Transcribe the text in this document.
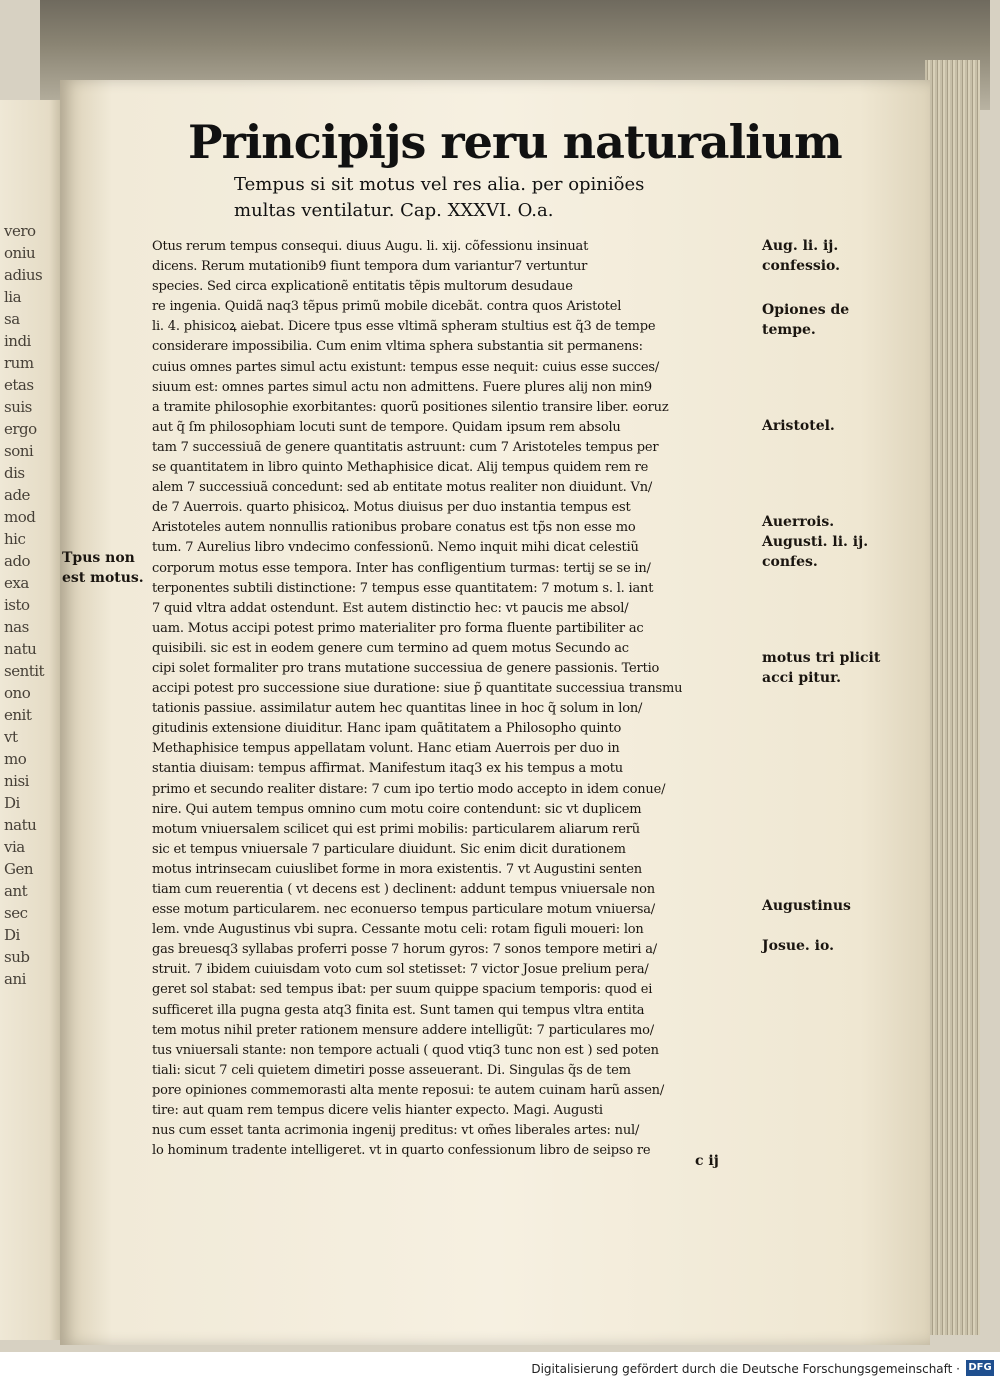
vero
oniu
adius
lia
sa
indi
rum
etas
suis
ergo
soni
dis
ade
mod
hic
ado
exa
isto
nas
natu
sentit
ono
enit
vt
mo
nisi
Di
natu
via
Gen
ant
sec
Di
sub
ani
Principijs reru naturalium
Tempus si sit motus vel res alia. per opiniões multas ventilatur. Cap. XXXVI. O.a.
Otus rerum tempus consequi. diuus Augu. li. xij. cõfessionu insinuat
dicens. Rerum mutationib9 fiunt tempora dum variantur7 vertuntur
species. Sed circa explicationẽ entitatis tẽpis multorum desudaue
re ingenia. Quidã naq3 tẽpus primũ mobile dicebãt. contra quos Aristotel
li. 4. phisicoꝝ aiebat. Dicere tpus esse vltimã spheram stultius est q̃3 de tempe
considerare impossibilia. Cum enim vltima sphera substantia sit permanens:
cuius omnes partes simul actu existunt: tempus esse nequit: cuius esse succes/
siuum est: omnes partes simul actu non admittens. Fuere plures alij non min9
a tramite philosophie exorbitantes: quorũ positiones silentio transire liber. eoruz
aut q̃ ſm philosophiam locuti sunt de tempore. Quidam ipsum rem absolu
tam 7 successiuã de genere quantitatis astruunt: cum 7 Aristoteles tempus per
se quantitatem in libro quinto Methaphisice dicat. Alij tempus quidem rem re
alem 7 successiuã concedunt: sed ab entitate motus realiter non diuidunt. Vn/
de 7 Auerrois. quarto phisicoꝝ. Motus diuisus per duo instantia tempus est
Aristoteles autem nonnullis rationibus probare conatus est tp̃s non esse mo
tum. 7 Aurelius libro vndecimo confessionũ. Nemo inquit mihi dicat celestiũ
corporum motus esse tempora. Inter has confligentium turmas: tertij se se in/
terponentes subtili distinctione: 7 tempus esse quantitatem: 7 motum s. l. iant
7 quid vltra addat ostendunt. Est autem distinctio hec: vt paucis me absol/
uam. Motus accipi potest primo materialiter pro forma fluente partibiliter ac
quisibili. sic est in eodem genere cum termino ad quem motus Secundo ac
cipi solet formaliter pro trans mutatione successiua de genere passionis. Tertio
accipi potest pro successione siue duratione: siue p̃ quantitate successiua transmu
tationis passiue. assimilatur autem hec quantitas linee in hoc q̃ solum in lon/
gitudinis extensione diuiditur. Hanc ipam quãtitatem a Philosopho quinto
Methaphisice tempus appellatam volunt. Hanc etiam Auerrois per duo in
stantia diuisam: tempus affirmat. Manifestum itaq3 ex his tempus a motu
primo et secundo realiter distare: 7 cum ipo tertio modo accepto in idem conue/
nire. Qui autem tempus omnino cum motu coire contendunt: sic vt duplicem
motum vniuersalem scilicet qui est primi mobilis: particularem aliarum rerũ
sic et tempus vniuersale 7 particulare diuidunt. Sic enim dicit durationem
motus intrinsecam cuiuslibet forme in mora existentis. 7 vt Augustini senten
tiam cum reuerentia ( vt decens est ) declinent: addunt tempus vniuersale non
esse motum particularem. nec econuerso tempus particulare motum vniuersa/
lem. vnde Augustinus vbi supra. Cessante motu celi: rotam figuli moueri: lon
gas breuesq3 syllabas proferri posse 7 horum gyros: 7 sonos tempore metiri a/
struit. 7 ibidem cuiuisdam voto cum sol stetisset: 7 victor Josue prelium pera/
geret sol stabat: sed tempus ibat: per suum quippe spacium temporis: quod ei
sufficeret illa pugna gesta atq3 finita est. Sunt tamen qui tempus vltra entita
tem motus nihil preter rationem mensure addere intelligũt: 7 particulares mo/
tus vniuersali stante: non tempore actuali ( quod vtiq3 tunc non est ) sed poten
tiali: sicut 7 celi quietem dimetiri posse asseuerant. Di. Singulas q̃s de tem
pore opiniones commemorasti alta mente reposui: te autem cuinam harũ assen/
tire: aut quam rem tempus dicere velis hianter expecto. Magi. Augusti
nus cum esset tanta acrimonia ingenij preditus: vt om̃es liberales artes: nul/
lo hominum tradente intelligeret. vt in quarto confessionum libro de seipso re
Aug. li. ij. confessio.
Opiones de tempe.
Aristotel.
Auerrois.
Augusti. li. ij. confes.
motus tri plicit acci pitur.
Augustinus
Josue. io.
Tpus non est motus.
c ij
Digitalisierung gefördert durch die Deutsche Forschungsgemeinschaft · DFG
